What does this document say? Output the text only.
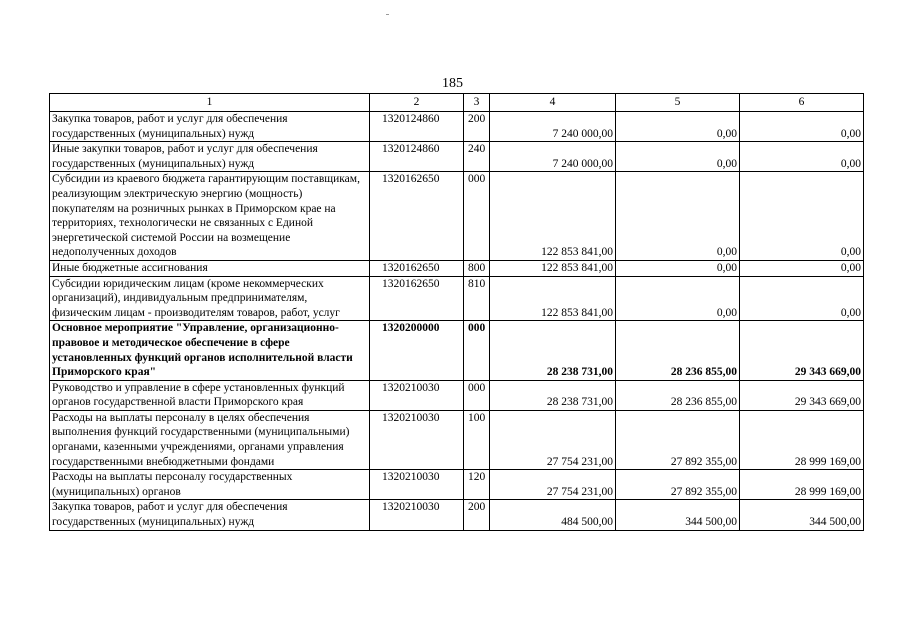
185
1	2	3	4	5	6
Закупка товаров, работ и услуг для обеспечения государственных (муниципальных) нужд	1320124860	200	7 240 000,00	0,00	0,00
Иные закупки товаров, работ и услуг для обеспечения государственных (муниципальных) нужд	1320124860	240	7 240 000,00	0,00	0,00
Субсидии из краевого бюджета гарантирующим поставщикам, реализующим электрическую энергию (мощность) покупателям на розничных рынках в Приморском крае на территориях, технологически не связанных с Единой энергетической системой России на возмещение недополученных доходов	1320162650	000	122 853 841,00	0,00	0,00
Иные бюджетные ассигнования	1320162650	800	122 853 841,00	0,00	0,00
Субсидии юридическим лицам (кроме некоммерческих организаций), индивидуальным предпринимателям, физическим лицам - производителям товаров, работ, услуг	1320162650	810	122 853 841,00	0,00	0,00
Основное мероприятие "Управление, организационно-правовое и методическое обеспечение в сфере установленных функций органов исполнительной власти Приморского края"	1320200000	000	28 238 731,00	28 236 855,00	29 343 669,00
Руководство и управление в сфере установленных функций органов государственной власти Приморского края	1320210030	000	28 238 731,00	28 236 855,00	29 343 669,00
Расходы на выплаты персоналу в целях обеспечения выполнения функций государственными (муниципальными) органами, казенными учреждениями, органами управления государственными внебюджетными фондами	1320210030	100	27 754 231,00	27 892 355,00	28 999 169,00
Расходы на выплаты персоналу государственных (муниципальных) органов	1320210030	120	27 754 231,00	27 892 355,00	28 999 169,00
Закупка товаров, работ и услуг для обеспечения государственных (муниципальных) нужд	1320210030	200	484 500,00	344 500,00	344 500,00
